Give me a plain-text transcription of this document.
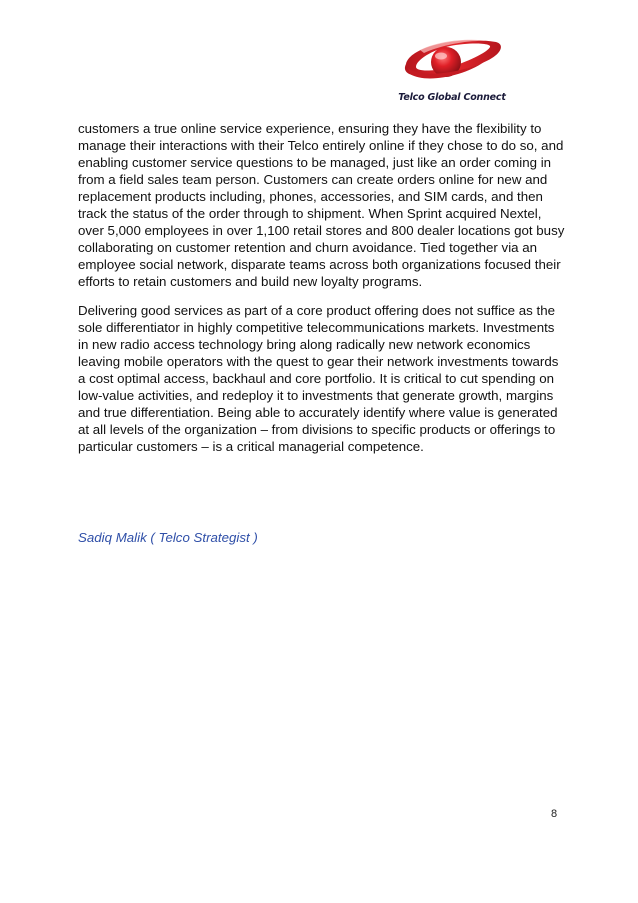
Telco Global Connect

customers a true online service experience, ensuring they have the flexibility to manage their interactions with their Telco entirely online if they chose to do so, and enabling customer service questions to be managed, just like an order coming in from a field sales team person. Customers can create orders online for new and replacement products including, phones, accessories, and SIM cards, and then track the status of the order through to shipment. When Sprint acquired Nextel, over 5,000 employees in over 1,100 retail stores and 800 dealer locations got busy collaborating on customer retention and churn avoidance. Tied together via an employee social network, disparate teams across both organizations focused their efforts to retain customers and build new loyalty programs.

Delivering good services as part of a core product offering does not suffice as the sole differentiator in highly competitive telecommunications markets. Investments in new radio access technology bring along radically new network economics leaving mobile operators with the quest to gear their network investments towards a cost optimal access, backhaul and core portfolio. It is critical to cut spending on low-value activities, and redeploy it to investments that generate growth, margins and true differentiation. Being able to accurately identify where value is generated at all levels of the organization – from divisions to specific products or offerings to particular customers – is a critical managerial competence.

Sadiq Malik ( Telco Strategist )
8
